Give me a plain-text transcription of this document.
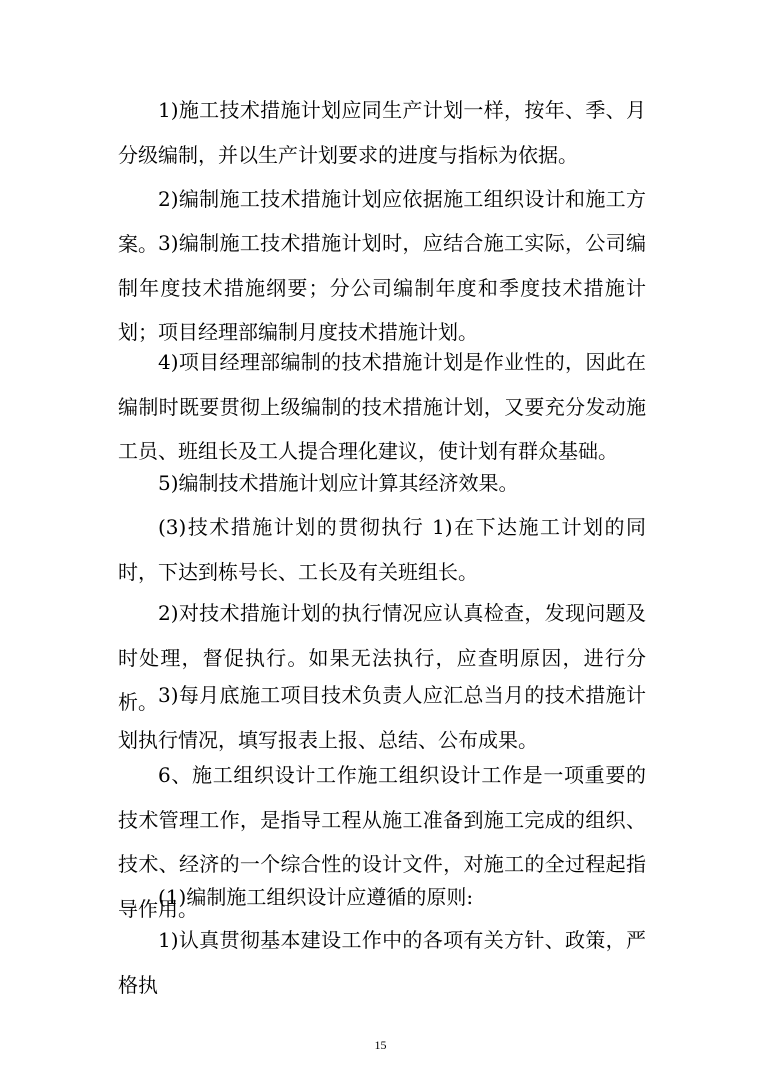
1)施工技术措施计划应同生产计划一样，按年、季、月分级编制，并以生产计划要求的进度与指标为依据。

2)编制施工技术措施计划应依据施工组织设计和施工方案。 3)编制施工技术措施计划时，应结合施工实际，公司编制年度技术措施纲要；分公司编制年度和季度技术措施计划；项目经理部编制月度技术措施计划。

4)项目经理部编制的技术措施计划是作业性的，因此在编制时既要贯彻上级编制的技术措施计划，又要充分发动施工员、班组长及工人提合理化建议，使计划有群众基础。

5)编制技术措施计划应计算其经济效果。

(3)技术措施计划的贯彻执行 1)在下达施工计划的同时，下达到栋号长、工长及有关班组长。

2)对技术措施计划的执行情况应认真检查，发现问题及时处理，督促执行。如果无法执行，应查明原因，进行分析。 3)每月底施工项目技术负责人应汇总当月的技术措施计划执行情况，填写报表上报、总结、公布成果。

6、施工组织设计工作施工组织设计工作是一项重要的技术管理工作，是指导工程从施工准备到施工完成的组织、技术、经济的一个综合性的设计文件，对施工的全过程起指导作用。

(1)编制施工组织设计应遵循的原则:

1)认真贯彻基本建设工作中的各项有关方针、政策，严格执

15
